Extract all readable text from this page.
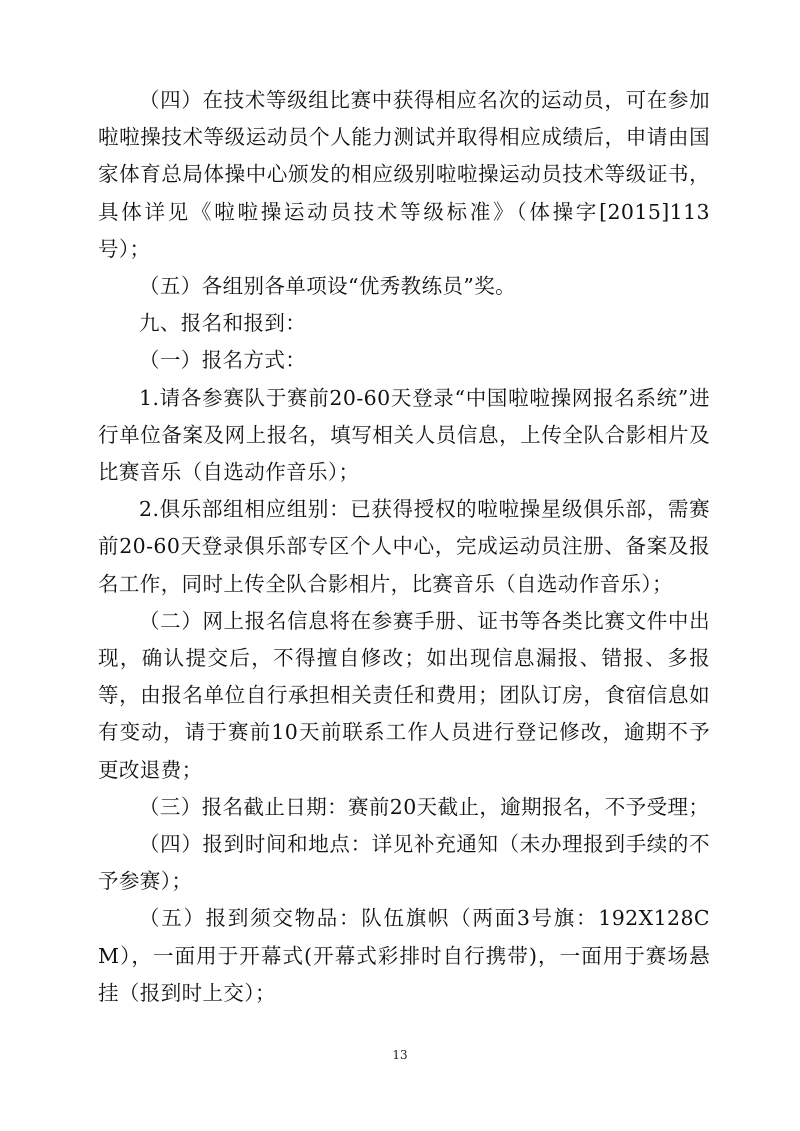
（四）在技术等级组比赛中获得相应名次的运动员，可在参加啦啦操技术等级运动员个人能力测试并取得相应成绩后，申请由国家体育总局体操中心颁发的相应级别啦啦操运动员技术等级证书，具体详见《啦啦操运动员技术等级标准》（体操字[2015]113号）；

（五）各组别各单项设“优秀教练员”奖。

九、报名和报到：

（一）报名方式：

1.请各参赛队于赛前20-60天登录“中国啦啦操网报名系统”进行单位备案及网上报名，填写相关人员信息，上传全队合影相片及比赛音乐（自选动作音乐）；

2.俱乐部组相应组别：已获得授权的啦啦操星级俱乐部，需赛前20-60天登录俱乐部专区个人中心，完成运动员注册、备案及报名工作，同时上传全队合影相片，比赛音乐（自选动作音乐）；

（二）网上报名信息将在参赛手册、证书等各类比赛文件中出现，确认提交后，不得擅自修改；如出现信息漏报、错报、多报等，由报名单位自行承担相关责任和费用；团队订房，食宿信息如有变动，请于赛前10天前联系工作人员进行登记修改，逾期不予更改退费；

（三）报名截止日期：赛前20天截止，逾期报名，不予受理；

（四）报到时间和地点：详见补充通知（未办理报到手续的不予参赛）；

（五）报到须交物品：队伍旗帜（两面3号旗：192X128CM），一面用于开幕式(开幕式彩排时自行携带)，一面用于赛场悬挂（报到时上交）；

13
